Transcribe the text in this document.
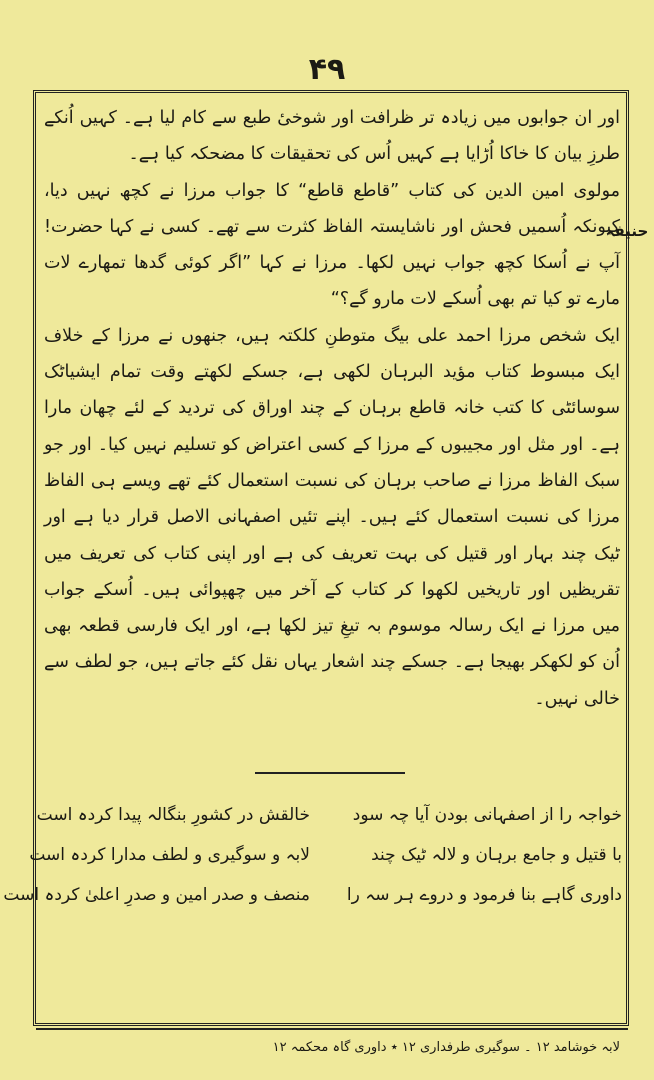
۴۹
حنیفہ

اور ان جوابوں میں زیادہ تر ظرافت اور شوخیٔ طبع سے کام لیا ہے۔ کہیں اُنکے طرزِ بیان کا خاکا اُڑایا ہے کہیں اُس کی تحقیقات کا مضحکہ کیا ہے۔

مولوی امین الدین کی کتاب ”قاطع قاطع“ کا جواب مرزا نے کچھ نہیں دیا، کیونکہ اُسمیں فحش اور ناشایستہ الفاظ کثرت سے تھے۔ کسی نے کہا حضرت! آپ نے اُسکا کچھ جواب نہیں لکھا۔ مرزا نے کہا ”اگر کوئی گدھا تمھارے لات مارے تو کیا تم بھی اُسکے لات مارو گے؟“

ایک شخص مرزا احمد علی بیگ متوطنِ کلکتہ ہیں، جنھوں نے مرزا کے خلاف ایک مبسوط کتاب مؤید البرہان لکھی ہے، جسکے لکھتے وقت تمام ایشیاٹک سوسائٹی کا کتب خانہ قاطع برہان کے چند اوراق کی تردید کے لئے چھان مارا ہے۔ اور مثل اور مجیبوں کے مرزا کے کسی اعتراض کو تسلیم نہیں کیا۔ اور جو سبک الفاظ مرزا نے صاحب برہان کی نسبت استعمال کئے تھے ویسے ہی الفاظ مرزا کی نسبت استعمال کئے ہیں۔ اپنے تئیں اصفہانی الاصل قرار دیا ہے اور ٹیک چند بہار اور قتیل کی بہت تعریف کی ہے اور اپنی کتاب کی تعریف میں تقریظیں اور تاریخیں لکھوا کر کتاب کے آخر میں چھپوائی ہیں۔ اُسکے جواب میں مرزا نے ایک رسالہ موسوم بہ تیغِ تیز لکھا ہے، اور ایک فارسی قطعہ بھی اُن کو لکھکر بھیجا ہے۔ جسکے چند اشعار یہاں نقل کئے جاتے ہیں، جو لطف سے خالی نہیں۔

خواجہ را از اصفہانی بودن آیا چہ سود
خالقش در کشورِ بنگالہ پیدا کردہ است
با قتیل و جامع برہان و لالہ ٹیک چند
لابہ و سوگیری و لطف مدارا کردہ است
داوری گاہے بنا فرمود و دروے ہر سہ را
منصف و صدر امین و صدرِ اعلیٰ کردہ است
لابہ خوشامد ۱۲ ۔ سوگیری طرفداری ۱۲ ٭ داوری گاہ محکمہ ۱۲
